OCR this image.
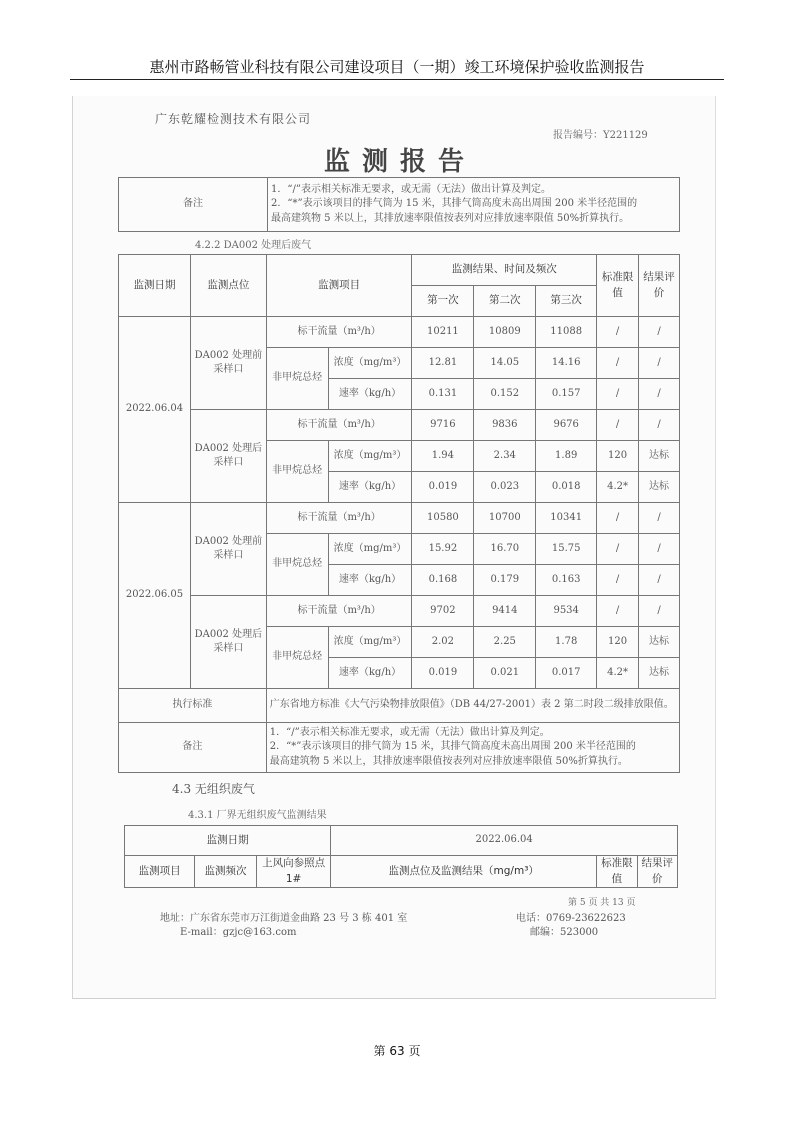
惠州市路畅管业科技有限公司建设项目（一期）竣工环境保护验收监测报告
广东乾耀检测技术有限公司
报告编号：Y221129
监测报告
备注	
1．“/”表示相关标准无要求，或无需（无法）做出计算及判定。
2．“*”表示该项目的排气筒为 15 米，其排气筒高度未高出周围 200 米半径范围的
最高建筑物 5 米以上，其排放速率限值按表列对应排放速率限值 50%折算执行。
4.2.2 DA002 处理后废气
监测日期	监测点位	监测项目		监测结果、时间及频次			标准限值	结果评价
				第一次	第二次	第三次		
2022.06.04	DA002 处理前采样口	标干流量（m³/h）		10211	10809	11088	/	/
		非甲烷总烃	浓度（mg/m³）	12.81	14.05	14.16	/	/
			速率（kg/h）	0.131	0.152	0.157	/	/
	DA002 处理后采样口	标干流量（m³/h）		9716	9836	9676	/	/
		非甲烷总烃	浓度（mg/m³）	1.94	2.34	1.89	120	达标
			速率（kg/h）	0.019	0.023	0.018	4.2*	达标
2022.06.05	DA002 处理前采样口	标干流量（m³/h）		10580	10700	10341	/	/
		非甲烷总烃	浓度（mg/m³）	15.92	16.70	15.75	/	/
			速率（kg/h）	0.168	0.179	0.163	/	/
	DA002 处理后采样口	标干流量（m³/h）		9702	9414	9534	/	/
		非甲烷总烃	浓度（mg/m³）	2.02	2.25	1.78	120	达标
			速率（kg/h）	0.019	0.021	0.017	4.2*	达标
执行标准		广东省地方标准《大气污染物排放限值》（DB 44/27-2001）表 2 第二时段二级排放限值。						
备注		1．“/”表示相关标准无要求，或无需（无法）做出计算及判定。
2．“*”表示该项目的排气筒为 15 米，其排气筒高度未高出周围 200 米半径范围的
最高建筑物 5 米以上，其排放速率限值按表列对应排放速率限值 50%折算执行。						
4.3 无组织废气
4.3.1 厂界无组织废气监测结果
监测日期			2022.06.04		
监测项目	监测频次	上风向参照点 1#	监测点位及监测结果（mg/m³）	标准限值	结果评价
第 5 页 共 13 页
地址：广东省东莞市万江街道金曲路 23 号 3 栋 401 室
E-mail：gzjc@163.com
电话：0769-23622623
邮编：523000
第 63 页
